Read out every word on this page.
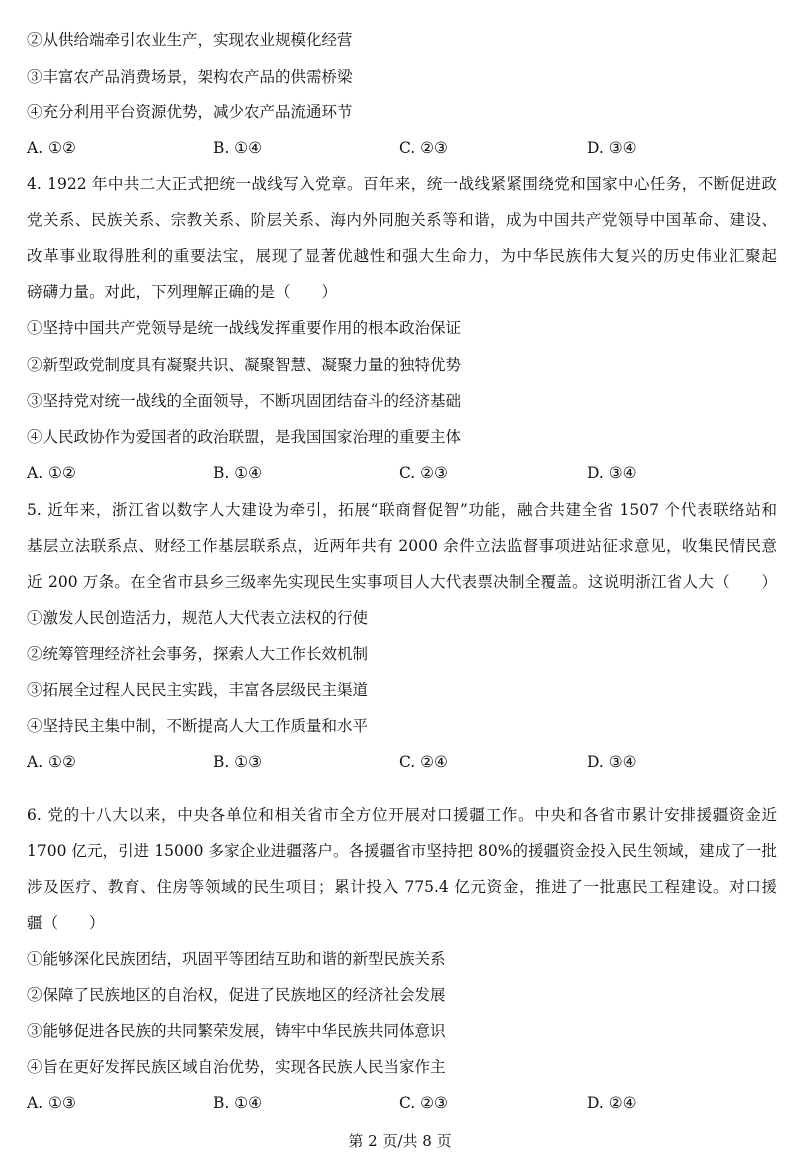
②从供给端牵引农业生产，实现农业规模化经营
③丰富农产品消费场景，架构农产品的供需桥梁
④充分利用平台资源优势，减少农产品流通环节
A. ①②	B. ①④	C. ②③	D. ③④
4. 1922 年中共二大正式把统一战线写入党章。百年来，统一战线紧紧围绕党和国家中心任务，不断促进政
党关系、民族关系、宗教关系、阶层关系、海内外同胞关系等和谐，成为中国共产党领导中国革命、建设、
改革事业取得胜利的重要法宝，展现了显著优越性和强大生命力，为中华民族伟大复兴的历史伟业汇聚起
磅礴力量。对此，下列理解正确的是（　　）
①坚持中国共产党领导是统一战线发挥重要作用的根本政治保证
②新型政党制度具有凝聚共识、凝聚智慧、凝聚力量的独特优势
③坚持党对统一战线的全面领导，不断巩固团结奋斗的经济基础
④人民政协作为爱国者的政治联盟，是我国国家治理的重要主体
A. ①②	B. ①④	C. ②③	D. ③④
5. 近年来，浙江省以数字人大建设为牵引，拓展“联商督促智”功能，融合共建全省 1507 个代表联络站和
基层立法联系点、财经工作基层联系点，近两年共有 2000 余件立法监督事项进站征求意见，收集民情民意
近 200 万条。在全省市县乡三级率先实现民生实事项目人大代表票决制全覆盖。这说明浙江省人大（　　）
①激发人民创造活力，规范人大代表立法权的行使
②统筹管理经济社会事务，探索人大工作长效机制
③拓展全过程人民民主实践，丰富各层级民主渠道
④坚持民主集中制，不断提高人大工作质量和水平
A. ①②	B. ①③	C. ②④	D. ③④
6. 党的十八大以来，中央各单位和相关省市全方位开展对口援疆工作。中央和各省市累计安排援疆资金近
1700 亿元，引进 15000 多家企业进疆落户。各援疆省市坚持把 80%的援疆资金投入民生领域，建成了一批
涉及医疗、教育、住房等领域的民生项目；累计投入 775.4 亿元资金，推进了一批惠民工程建设。对口援
疆（　　）
①能够深化民族团结，巩固平等团结互助和谐的新型民族关系
②保障了民族地区的自治权，促进了民族地区的经济社会发展
③能够促进各民族的共同繁荣发展，铸牢中华民族共同体意识
④旨在更好发挥民族区域自治优势，实现各民族人民当家作主
A. ①③	B. ①④	C. ②③	D. ②④
第 2 页/共 8 页
